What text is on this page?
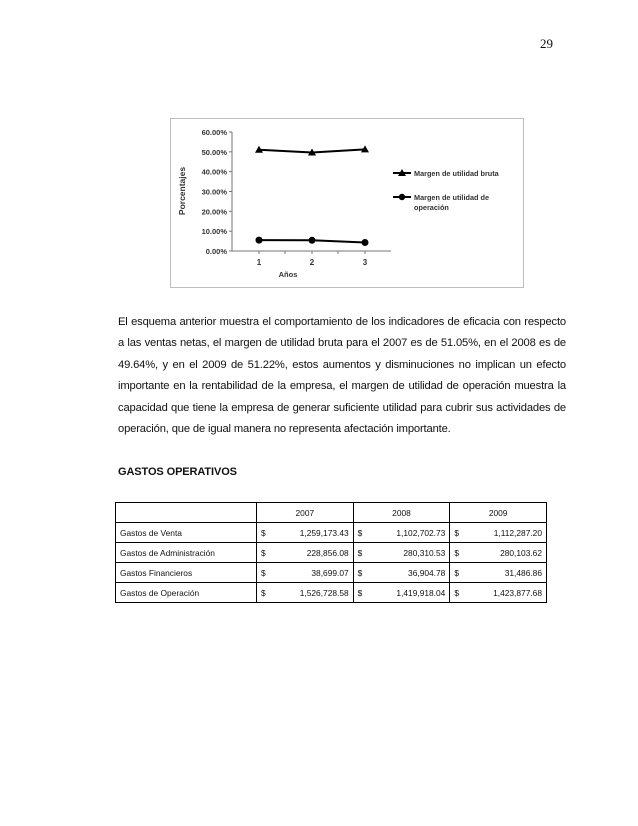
29
60.00%
50.00%
40.00%
30.00%
20.00%
10.00%
0.00%
1	2	3
Años
Porcentajes	Margen de utilidad bruta
Margen de utilidad de
operación
El esquema anterior muestra el comportamiento de los indicadores de eficacia con respecto a las ventas netas, el margen de utilidad bruta para el 2007 es de 51.05%, en el 2008 es de 49.64%, y en el 2009 de 51.22%, estos aumentos y disminuciones no implican un efecto importante en la rentabilidad de la empresa, el margen de utilidad de operación muestra la capacidad que tiene la empresa de generar suficiente utilidad para cubrir sus actividades de operación, que de igual manera no representa afectación importante.
GASTOS OPERATIVOS
	2007		2008		2009	
Gastos de Venta	$	1,259,173.43	$	1,102,702.73	$	1,112,287.20
Gastos de Administración	$	228,856.08	$	280,310.53	$	280,103.62
Gastos Financieros	$	38,699.07	$	36,904.78	$	31,486.86
Gastos de Operación	$	1,526,728.58	$	1,419,918.04	$	1,423,877.68
